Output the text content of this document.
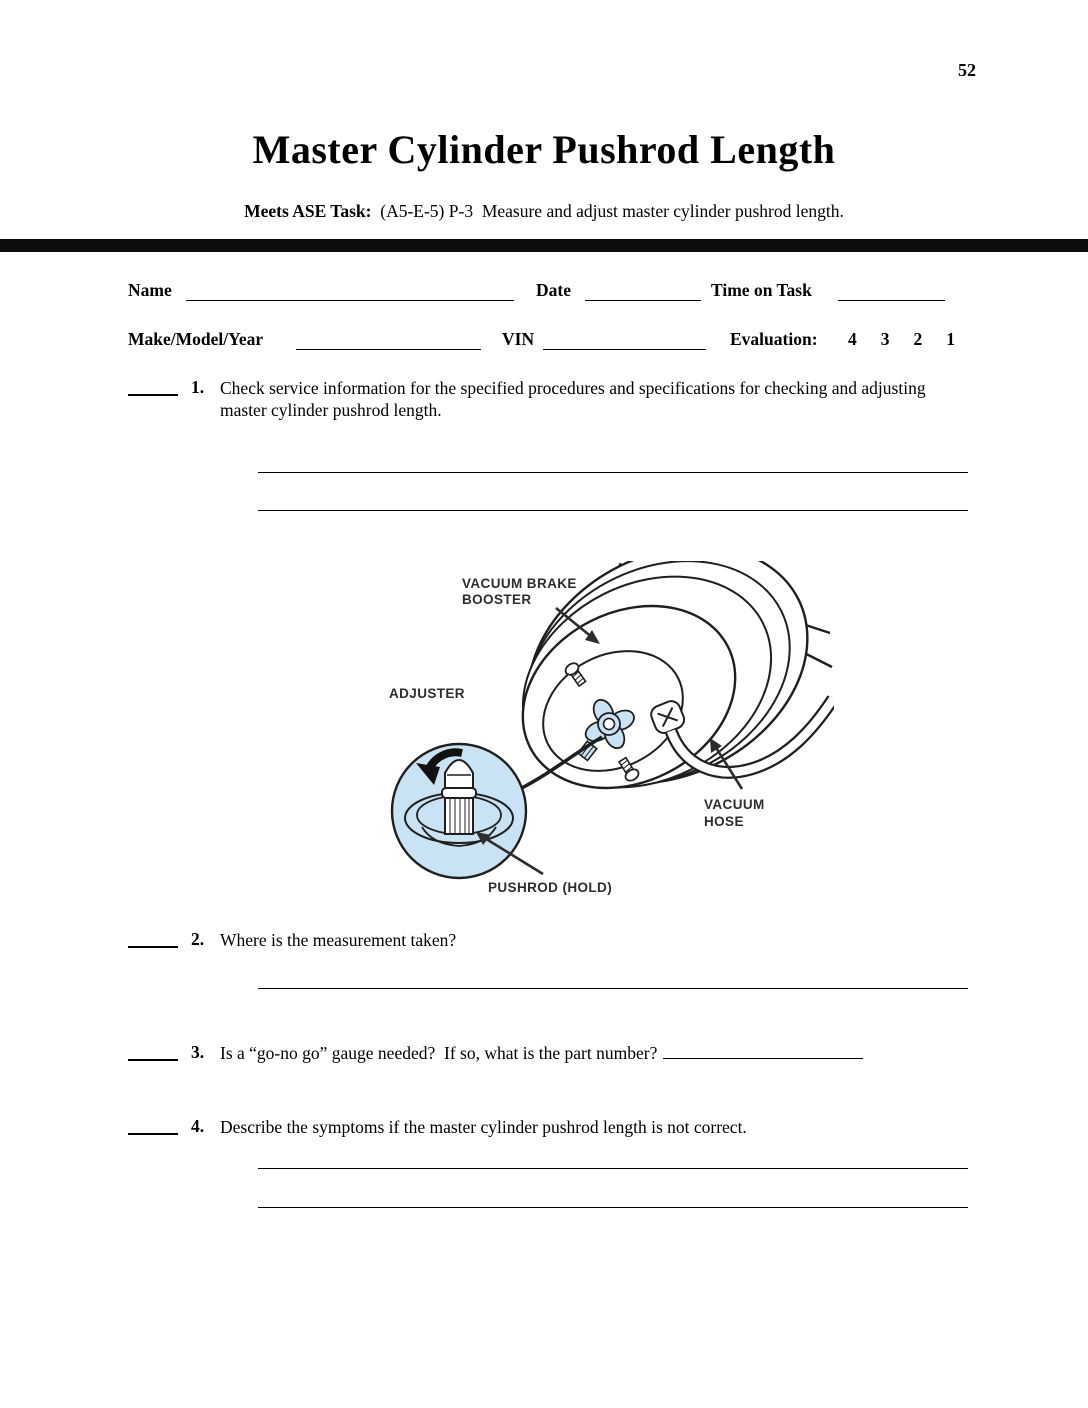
52
Master Cylinder Pushrod Length

Meets ASE Task:  (A5-E-5) P-3  Measure and adjust master cylinder pushrod length.

Name	Date	Time on Task
Make/Model/Year	VIN	Evaluation: 4 3 2 1
1. Check service information for the specified procedures and specifications for checking and adjusting master cylinder pushrod length.
VACUUM BRAKE
BOOSTER
ADJUSTER
VACUUM
HOSE
PUSHROD (HOLD)
2. Where is the measurement taken?
3. Is a “go-no go” gauge needed?  If so, what is the part number?
4. Describe the symptoms if the master cylinder pushrod length is not correct.
